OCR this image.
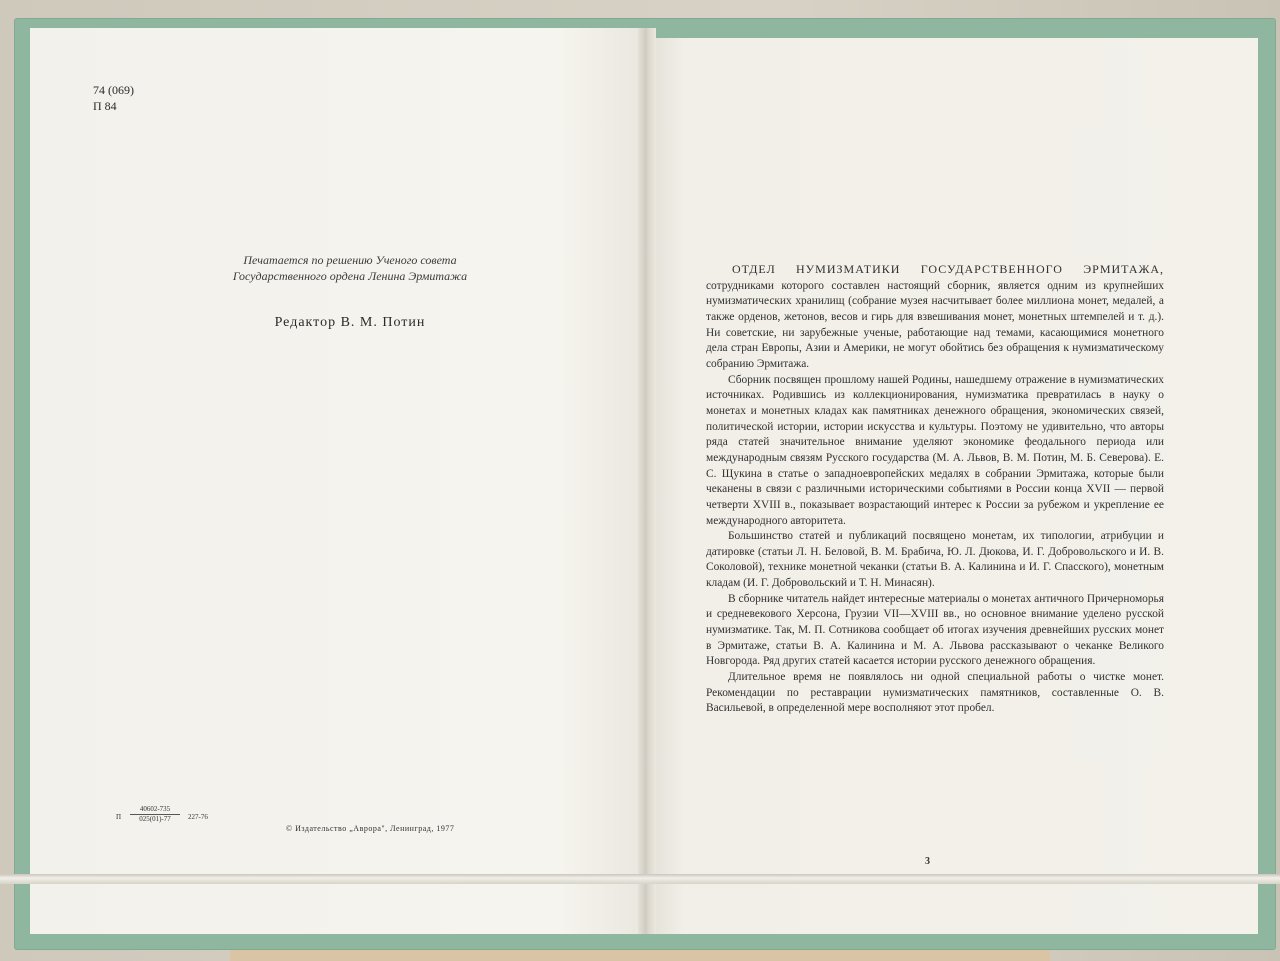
74 (069)
П 84
Печатается по решению Ученого совета
Государственного ордена Ленина Эрмитажа
Редактор В. М. Потин
П $\frac{40602-735}{025(01)-77} 227-76$
© Издательство „Аврора", Ленинград, 1977

ОТДЕЛ НУМИЗМАТИКИ ГОСУДАРСТВЕННОГО ЭРМИТАЖА, сотрудниками которого составлен настоящий сборник, является одним из крупнейших нумизматических хранилищ (собрание музея насчитывает более миллиона монет, медалей, а также орденов, жетонов, весов и гирь для взвешивания монет, монетных штемпелей и т. д.). Ни советские, ни зарубежные ученые, работающие над темами, касающимися монетного дела стран Европы, Азии и Америки, не могут обойтись без обращения к нумизматическому собранию Эрмитажа.

Сборник посвящен прошлому нашей Родины, нашедшему отражение в нумизматических источниках. Родившись из коллекционирования, нумизматика превратилась в науку о монетах и монетных кладах как памятниках денежного обращения, экономических связей, политической истории, истории искусства и культуры. Поэтому не удивительно, что авторы ряда статей значительное внимание уделяют экономике феодального периода или международным связям Русского государства (М. А. Львов, В. М. Потин, М. Б. Северова). Е. С. Щукина в статье о западноевропейских медалях в собрании Эрмитажа, которые были чеканены в связи с различными историческими событиями в России конца XVII — первой четверти XVIII в., показывает возрастающий интерес к России за рубежом и укрепление ее международного авторитета.

Большинство статей и публикаций посвящено монетам, их типологии, атрибуции и датировке (статьи Л. Н. Беловой, В. М. Брабича, Ю. Л. Дюкова, И. Г. Добровольского и И. В. Соколовой), технике монетной чеканки (статьи В. А. Калинина и И. Г. Спасского), монетным кладам (И. Г. Добровольский и Т. Н. Минасян).

В сборнике читатель найдет интересные материалы о монетах античного Причерноморья и средневекового Херсона, Грузии VII—XVIII вв., но основное внимание уделено русской нумизматике. Так, М. П. Сотникова сообщает об итогах изучения древнейших русских монет в Эрмитаже, статьи В. А. Калинина и М. А. Львова рассказывают о чеканке Великого Новгорода. Ряд других статей касается истории русского денежного обращения.

Длительное время не появлялось ни одной специальной работы о чистке монет. Рекомендации по реставрации нумизматических памятников, составленные О. В. Васильевой, в определенной мере восполняют этот пробел.

3
